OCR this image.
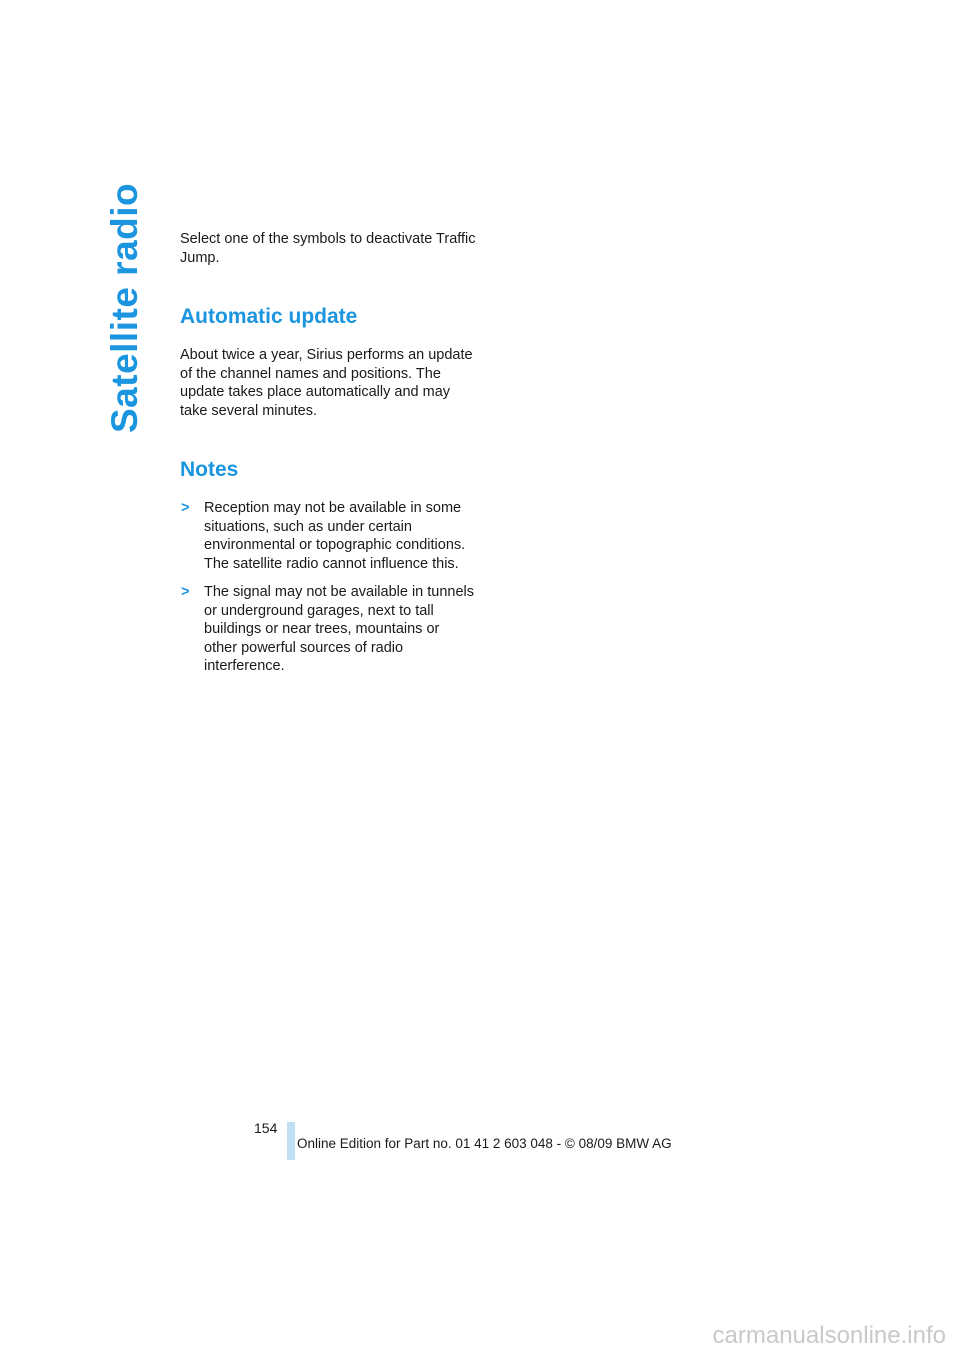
Satellite radio Select one of the symbols to deactivate Traffic Jump.

Automatic update

About twice a year, Sirius performs an update of the channel names and positions. The update takes place automatically and may take several minutes.

Notes
> Reception may not be available in some situations, such as under certain environmental or topographic conditions. The satellite radio cannot influence this.
> The signal may not be available in tunnels or underground garages, next to tall buildings or near trees, mountains or other powerful sources of radio interference.
154
Online Edition for Part no. 01 41 2 603 048 - © 08/09 BMW AG
carmanualsonline.info
